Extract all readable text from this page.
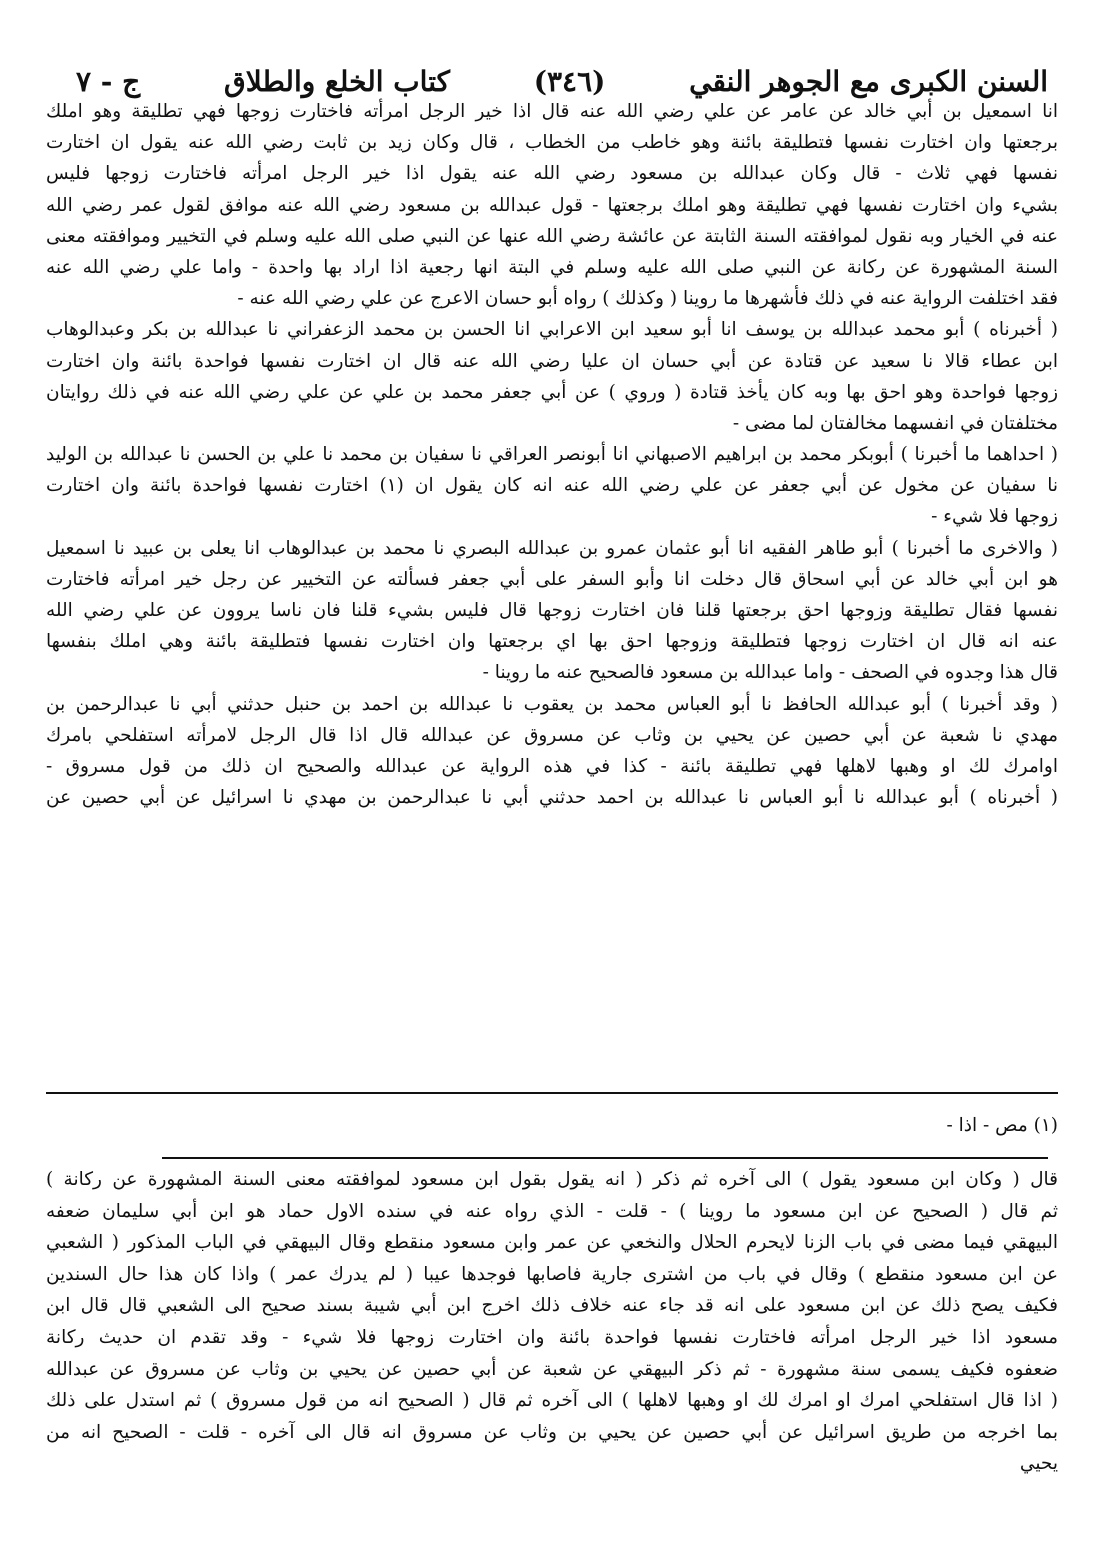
السنن الكبرى مع الجوهر النقي
(٣٤٦)
كتاب الخلع والطلاق
ج - ٧
انا اسمعيل بن أبي خالد عن عامر عن علي رضي الله عنه قال اذا خير الرجل امرأته فاختارت زوجها فهي تطليقة وهو املك
برجعتها وان اختارت نفسها فتطليقة بائنة وهو خاطب من الخطاب ، قال وكان زيد بن ثابت رضي الله عنه يقول ان اختارت
نفسها فهي ثلاث - قال وكان عبدالله بن مسعود رضي الله عنه يقول اذا خير الرجل امرأته فاختارت زوجها فليس
بشيء وان اختارت نفسها فهي تطليقة وهو املك برجعتها - قول عبدالله بن مسعود رضي الله عنه موافق لقول عمر رضي الله
عنه في الخيار وبه نقول لموافقته السنة الثابتة عن عائشة رضي الله عنها عن النبي صلى الله عليه وسلم في التخيير وموافقته معنى
السنة المشهورة عن ركانة عن النبي صلى الله عليه وسلم في البتة انها رجعية اذا اراد بها واحدة - واما علي رضي الله عنه
فقد اختلفت الرواية عنه في ذلك فأشهرها ما روينا ( وكذلك ) رواه أبو حسان الاعرج عن علي رضي الله عنه -
( أخبرناه ) أبو محمد عبدالله بن يوسف انا أبو سعيد ابن الاعرابي انا الحسن بن محمد الزعفراني نا عبدالله بن بكر وعبدالوهاب
ابن عطاء قالا نا سعيد عن قتادة عن أبي حسان ان عليا رضي الله عنه قال ان اختارت نفسها فواحدة بائنة وان اختارت
زوجها فواحدة وهو احق بها وبه كان يأخذ قتادة ( وروي ) عن أبي جعفر محمد بن علي عن علي رضي الله عنه في ذلك روايتان
مختلفتان في انفسهما مخالفتان لما مضى -
( احداهما ما أخبرنا ) أبوبكر محمد بن ابراهيم الاصبهاني انا أبونصر العراقي نا سفيان بن محمد نا علي بن الحسن نا عبدالله بن الوليد
نا سفيان عن مخول عن أبي جعفر عن علي رضي الله عنه انه كان يقول ان (١) اختارت نفسها فواحدة بائنة وان اختارت
زوجها فلا شيء -
( والاخرى ما أخبرنا ) أبو طاهر الفقيه انا أبو عثمان عمرو بن عبدالله البصري نا محمد بن عبدالوهاب انا يعلى بن عبيد نا اسمعيل
هو ابن أبي خالد عن أبي اسحاق قال دخلت انا وأبو السفر على أبي جعفر فسألته عن التخيير عن رجل خير امرأته فاختارت
نفسها فقال تطليقة وزوجها احق برجعتها قلنا فان اختارت زوجها قال فليس بشيء قلنا فان ناسا يروون عن علي رضي الله
عنه انه قال ان اختارت زوجها فتطليقة وزوجها احق بها اي برجعتها وان اختارت نفسها فتطليقة بائنة وهي املك بنفسها
قال هذا وجدوه في الصحف - واما عبدالله بن مسعود فالصحيح عنه ما روينا -
( وقد أخبرنا ) أبو عبدالله الحافظ نا أبو العباس محمد بن يعقوب نا عبدالله بن احمد بن حنبل حدثني أبي نا عبدالرحمن بن
مهدي نا شعبة عن أبي حصين عن يحيي بن وثاب عن مسروق عن عبدالله قال اذا قال الرجل لامرأته استفلحي بامرك
اوامرك لك او وهبها لاهلها فهي تطليقة بائنة - كذا في هذه الرواية عن عبدالله والصحيح ان ذلك من قول مسروق -
( أخبرناه ) أبو عبدالله نا أبو العباس نا عبدالله بن احمد حدثني أبي نا عبدالرحمن بن مهدي نا اسرائيل عن أبي حصين عن
(١) مص - اذا -
قال ( وكان ابن مسعود يقول ) الى آخره ثم ذكر ( انه يقول بقول ابن مسعود لموافقته معنى السنة المشهورة عن ركانة )
ثم قال ( الصحيح عن ابن مسعود ما روينا ) - قلت - الذي رواه عنه في سنده الاول حماد هو ابن أبي سليمان ضعفه
البيهقي فيما مضى في باب الزنا لايحرم الحلال والنخعي عن عمر وابن مسعود منقطع وقال البيهقي في الباب المذكور ( الشعبي
عن ابن مسعود منقطع ) وقال في باب من اشترى جارية فاصابها فوجدها عيبا ( لم يدرك عمر ) واذا كان هذا حال السندين
فكيف يصح ذلك عن ابن مسعود على انه قد جاء عنه خلاف ذلك اخرج ابن أبي شيبة بسند صحيح الى الشعبي قال قال ابن
مسعود اذا خير الرجل امرأته فاختارت نفسها فواحدة بائنة وان اختارت زوجها فلا شيء - وقد تقدم ان حديث ركانة
ضعفوه فكيف يسمى سنة مشهورة - ثم ذكر البيهقي عن شعبة عن أبي حصين عن يحيي بن وثاب عن مسروق عن عبدالله
( اذا قال استفلحي امرك او امرك لك او وهبها لاهلها ) الى آخره ثم قال ( الصحيح انه من قول مسروق ) ثم استدل على ذلك
بما اخرجه من طريق اسرائيل عن أبي حصين عن يحيي بن وثاب عن مسروق انه قال الى آخره - قلت - الصحيح انه من
يحيي
